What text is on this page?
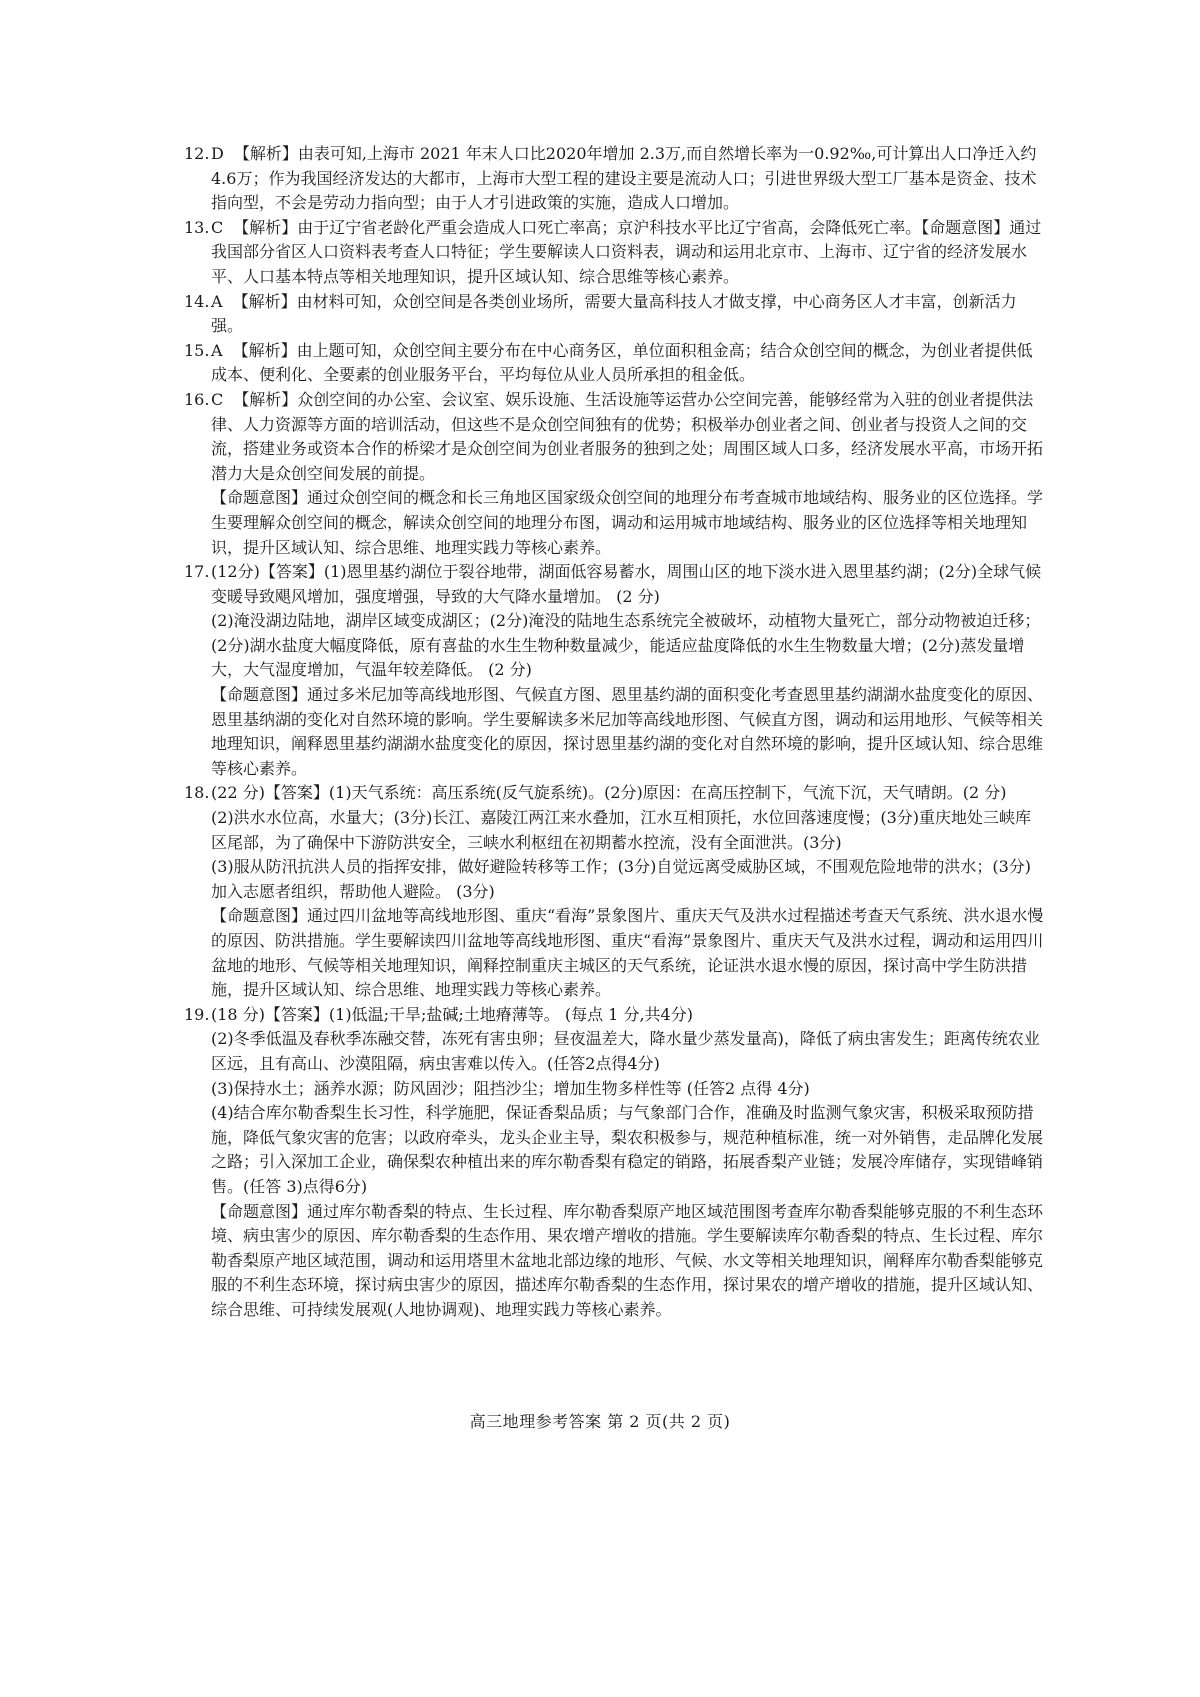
12. D 【解析】由表可知,上海市 2021 年末人口比2020年增加 2.3万,而自然增长率为一0.92‰,可计算出人口净迁入约4.6万；作为我国经济发达的大都市，上海市大型工程的建设主要是流动人口；引进世界级大型工厂基本是资金、技术指向型，不会是劳动力指向型；由于人才引进政策的实施，造成人口增加。

13. C 【解析】由于辽宁省老龄化严重会造成人口死亡率高；京沪科技水平比辽宁省高，会降低死亡率。【命题意图】通过我国部分省区人口资料表考查人口特征；学生要解读人口资料表，调动和运用北京市、上海市、辽宁省的经济发展水平、人口基本特点等相关地理知识，提升区域认知、综合思维等核心素养。

14. A 【解析】由材料可知，众创空间是各类创业场所，需要大量高科技人才做支撑，中心商务区人才丰富，创新活力强。

15. A 【解析】由上题可知，众创空间主要分布在中心商务区，单位面积租金高；结合众创空间的概念，为创业者提供低成本、便利化、全要素的创业服务平台，平均每位从业人员所承担的租金低。

16. C 【解析】众创空间的办公室、会议室、娱乐设施、生活设施等运营办公空间完善，能够经常为入驻的创业者提供法律、人力资源等方面的培训活动，但这些不是众创空间独有的优势；积极举办创业者之间、创业者与投资人之间的交流，搭建业务或资本合作的桥梁才是众创空间为创业者服务的独到之处；周围区域人口多，经济发展水平高，市场开拓潜力大是众创空间发展的前提。

【命题意图】通过众创空间的概念和长三角地区国家级众创空间的地理分布考查城市地域结构、服务业的区位选择。学生要理解众创空间的概念，解读众创空间的地理分布图，调动和运用城市地域结构、服务业的区位选择等相关地理知识，提升区域认知、综合思维、地理实践力等核心素养。

17. (12分)【答案】(1)恩里基约湖位于裂谷地带，湖面低容易蓄水，周围山区的地下淡水进入恩里基约湖；(2分)全球气候变暖导致飓风增加，强度增强，导致的大气降水量增加。 (2 分)

(2)淹没湖边陆地，湖岸区域变成湖区；(2分)淹没的陆地生态系统完全被破坏，动植物大量死亡，部分动物被迫迁移；(2分)湖水盐度大幅度降低，原有喜盐的水生生物种数量减少，能适应盐度降低的水生生物数量大增；(2分)蒸发量增大，大气湿度增加，气温年较差降低。 (2 分)

【命题意图】通过多米尼加等高线地形图、气候直方图、恩里基约湖的面积变化考查恩里基约湖湖水盐度变化的原因、恩里基纳湖的变化对自然环境的影响。学生要解读多米尼加等高线地形图、气候直方图，调动和运用地形、气候等相关地理知识，阐释恩里基约湖湖水盐度变化的原因，探讨恩里基约湖的变化对自然环境的影响，提升区域认知、综合思维等核心素养。

18. (22 分)【答案】(1)天气系统：高压系统(反气旋系统)。(2分)原因：在高压控制下，气流下沉，天气晴朗。(2 分)

(2)洪水水位高，水量大；(3分)长江、嘉陵江两江来水叠加，江水互相顶托，水位回落速度慢；(3分)重庆地处三峡库区尾部，为了确保中下游防洪安全，三峡水利枢纽在初期蓄水控流，没有全面泄洪。(3分)

(3)服从防汛抗洪人员的指挥安排，做好避险转移等工作；(3分)自觉远离受威胁区域，不围观危险地带的洪水；(3分)加入志愿者组织，帮助他人避险。 (3分)

【命题意图】通过四川盆地等高线地形图、重庆“看海”景象图片、重庆天气及洪水过程描述考查天气系统、洪水退水慢的原因、防洪措施。学生要解读四川盆地等高线地形图、重庆“看海”景象图片、重庆天气及洪水过程，调动和运用四川盆地的地形、气候等相关地理知识，阐释控制重庆主城区的天气系统，论证洪水退水慢的原因，探讨高中学生防洪措施，提升区域认知、综合思维、地理实践力等核心素养。

19. (18 分)【答案】(1)低温;干旱;盐碱;土地瘠薄等。 (每点 1 分,共4分)

(2)冬季低温及春秋季冻融交替，冻死有害虫卵；昼夜温差大，降水量少蒸发量高)，降低了病虫害发生；距离传统农业区远，且有高山、沙漠阻隔，病虫害难以传入。(任答2点得4分)

(3)保持水土；涵养水源；防风固沙；阻挡沙尘；增加生物多样性等 (任答2 点得 4分)

(4)结合库尔勒香梨生长习性，科学施肥，保证香梨品质；与气象部门合作，准确及时监测气象灾害，积极采取预防措施，降低气象灾害的危害；以政府牵头，龙头企业主导，梨农积极参与，规范种植标准，统一对外销售，走品牌化发展之路；引入深加工企业，确保梨农种植出来的库尔勒香梨有稳定的销路，拓展香梨产业链；发展冷库储存，实现错峰销售。(任答 3)点得6分)

【命题意图】通过库尔勒香梨的特点、生长过程、库尔勒香梨原产地区域范围图考查库尔勒香梨能够克服的不利生态环境、病虫害少的原因、库尔勒香梨的生态作用、果农增产增收的措施。学生要解读库尔勒香梨的特点、生长过程、库尔勒香梨原产地区域范围，调动和运用塔里木盆地北部边缘的地形、气候、水文等相关地理知识，阐释库尔勒香梨能够克服的不利生态环境，探讨病虫害少的原因，描述库尔勒香梨的生态作用，探讨果农的增产增收的措施，提升区域认知、综合思维、可持续发展观(人地协调观)、地理实践力等核心素养。

高三地理参考答案 第 2 页(共 2 页)
